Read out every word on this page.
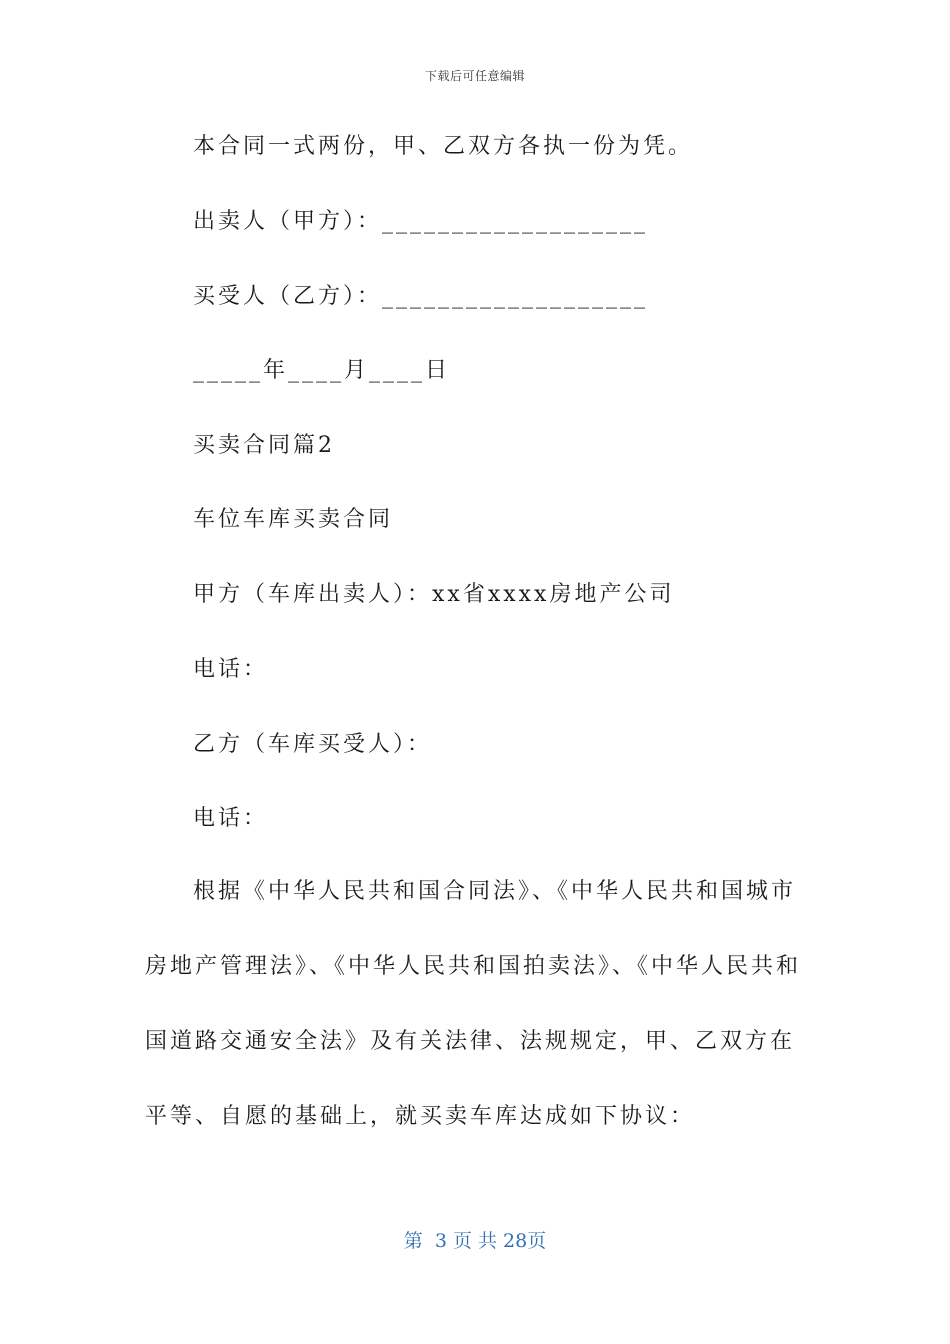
下载后可任意编辑
本合同一式两份，甲、乙双方各执一份为凭。
出卖人（甲方）：___________________
买受人（乙方）：___________________
_____年____月____日
买卖合同篇2
车位车库买卖合同
甲方（车库出卖人）：xx省xxxx房地产公司
电话：
乙方（车库买受人）：
电话：
根据《中华人民共和国合同法》、《中华人民共和国城市房地产管理法》、《中华人民共和国拍卖法》、《中华人民共和国道路交通安全法》及有关法律、法规规定，甲、乙双方在平等、自愿的基础上，就买卖车库达成如下协议：
第  3 页 共 28页
